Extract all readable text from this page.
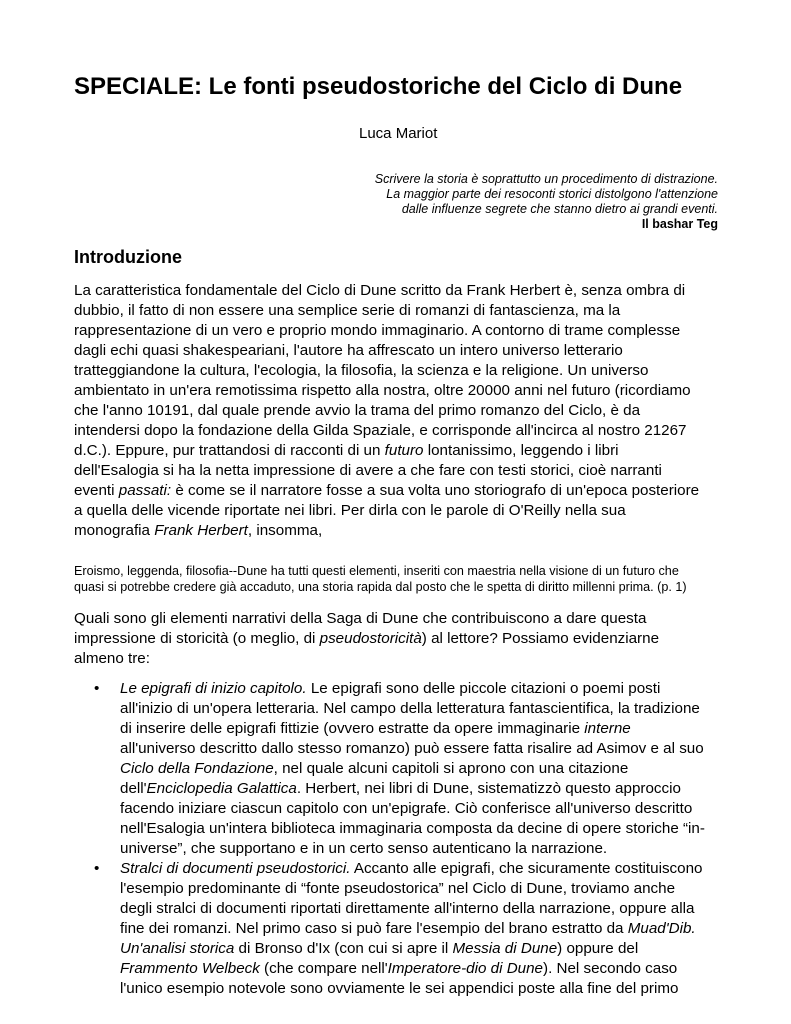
SPECIALE: Le fonti pseudostoriche del Ciclo di Dune
Luca Mariot
Scrivere la storia è soprattutto un procedimento di distrazione.
La maggior parte dei resoconti storici distolgono l'attenzione
dalle influenze segrete che stanno dietro ai grandi eventi.
Il bashar Teg
Introduzione
La caratteristica fondamentale del Ciclo di Dune scritto da Frank Herbert è, senza ombra di
dubbio, il fatto di non essere una semplice serie di romanzi di fantascienza, ma la
rappresentazione di un vero e proprio mondo immaginario. A contorno di trame complesse
dagli echi quasi shakespeariani, l'autore ha affrescato un intero universo letterario
tratteggiandone la cultura, l'ecologia, la filosofia, la scienza e la religione. Un universo
ambientato in un'era remotissima rispetto alla nostra, oltre 20000 anni nel futuro (ricordiamo
che l'anno 10191, dal quale prende avvio la trama del primo romanzo del Ciclo, è da
intendersi dopo la fondazione della Gilda Spaziale, e corrisponde all'incirca al nostro 21267
d.C.). Eppure, pur trattandosi di racconti di un futuro lontanissimo, leggendo i libri
dell'Esalogia si ha la netta impressione di avere a che fare con testi storici, cioè narranti
eventi passati: è come se il narratore fosse a sua volta uno storiografo di un'epoca posteriore
a quella delle vicende riportate nei libri. Per dirla con le parole di O'Reilly nella sua
monografia Frank Herbert, insomma,
Eroismo, leggenda, filosofia--Dune ha tutti questi elementi, inseriti con maestria nella visione di un futuro che
quasi si potrebbe credere già accaduto, una storia rapida dal posto che le spetta di diritto millenni prima. (p. 1)
Quali sono gli elementi narrativi della Saga di Dune che contribuiscono a dare questa
impressione di storicità (o meglio, di pseudostoricità) al lettore? Possiamo evidenziarne
almeno tre:
• Le epigrafi di inizio capitolo. Le epigrafi sono delle piccole citazioni o poemi posti
all'inizio di un'opera letteraria. Nel campo della letteratura fantascientifica, la tradizione
di inserire delle epigrafi fittizie (ovvero estratte da opere immaginarie interne
all'universo descritto dallo stesso romanzo) può essere fatta risalire ad Asimov e al suo
Ciclo della Fondazione, nel quale alcuni capitoli si aprono con una citazione
dell'Enciclopedia Galattica. Herbert, nei libri di Dune, sistematizzò questo approccio
facendo iniziare ciascun capitolo con un'epigrafe. Ciò conferisce all'universo descritto
nell'Esalogia un'intera biblioteca immaginaria composta da decine di opere storiche “in-
universe”, che supportano e in un certo senso autenticano la narrazione.
• Stralci di documenti pseudostorici. Accanto alle epigrafi, che sicuramente costituiscono
l'esempio predominante di “fonte pseudostorica” nel Ciclo di Dune, troviamo anche
degli stralci di documenti riportati direttamente all'interno della narrazione, oppure alla
fine dei romanzi. Nel primo caso si può fare l'esempio del brano estratto da Muad'Dib.
Un'analisi storica di Bronso d'Ix (con cui si apre il Messia di Dune) oppure del
Frammento Welbeck (che compare nell'Imperatore-dio di Dune). Nel secondo caso
l'unico esempio notevole sono ovviamente le sei appendici poste alla fine del primo
